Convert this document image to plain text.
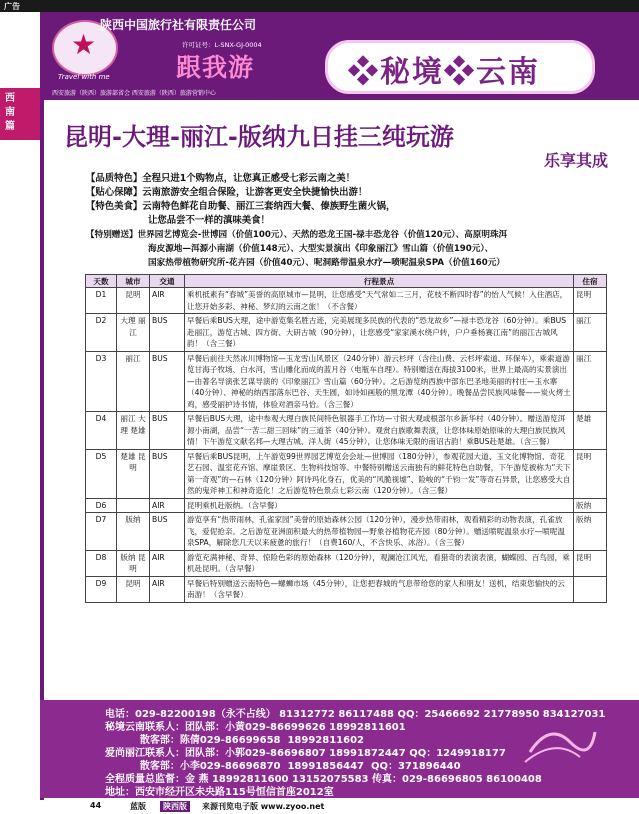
广告
★
陕西中国旅行社有限责任公司
许可证号：L-SNX-GJ-0004
跟我游
Travel with me
西安旅游（陕西）旅游部省会 西安旅游（陕西）旅游营销中心
❖秘境❖云南
西南篇 昆明-大理-丽江-版纳九日挂三纯玩游
乐享其成
【品质特色】全程只进1个购物点，让您真正感受七彩云南之美！
【贴心保障】云南旅游安全组合保险，让游客更安全快捷愉快出游！
【特色美食】云南特色鲜花自助餐、丽江三套纳西大餐、傣族野生菌火锅，
让您品尝不一样的滇味美食！
【特别赠送】世界园艺博览会-世博园（价值100元）、天然的恐龙王国-禄丰恐龙谷（价值120元）、高原明珠洱
海皮源地—洱源小南湖（价值148元）、大型实景演出《印象丽江》雪山篇（价值190元）、
国家热带植物研究所-花卉园（价值40元）、呢洞路带温泉水疗—喷呢温泉SPA（价值160元）
天数	城市	交通	行程景点	住宿
D1	昆明	AIR	乘机抵素有“春城”美誉的高原城市—昆明，让您感受“天气常如二三月，花枝不断四时春”的怡人气候！入住酒店，让您开始多彩、神秘、梦幻的云南之旅！（不含餐）	昆明
D2	大理 丽江	BUS	早餐后乘BUS大理，途中游览集名胜古迹，完美展现多民族的代表的“恐龙故乡”—禄丰恐龙谷（60分钟）。乘BUS赴丽江，游览古城、四方街、大研古城（90分钟），让您感受“家家溪水绕户转，户户垂杨赛江南”的丽江古城风韵！（含三餐）	丽江
D3	丽江	BUS	早餐后前往天然冰川博物馆—玉龙雪山风景区（240分钟）游云杉坪（含往山费、云杉坪索道、环保车），乘索道游览甘海子牧场、白水河，雪山雕化而成的蓝月谷（电瓶车自理）。特别赠送在海拔3100米，世界上最高的实景演出—由著名导演张艺谋导演的《印象丽江》雪山篇（60分钟）。之后游览纳西族中部东巴圣地美丽的村庄—玉水寨（40分钟）、神秘的纳西部落东巴谷、天生圆，如诗如画般的黑龙潭（40分钟）。晚餐品尝民族风味餐——炭火烤土鸡，感受丽护诗书情，体验对酒亲马恰。（含三餐）	丽江
D4	丽江 大理 楚雄	BUS	早餐后BUS大理，途中参观大理白族民间特色银器手工作坊—寸银大观或根部尔乡新华村（40分钟）。赠送游览洱源小南湖，品尝“一苦二甜三回味”的三道茶（40分钟）。观赏白族歌舞表演，让您体味原始原味的大理白族民族风情！下午游览文献名邦—大理古城、洋人街（45分钟），让您体味无限的南诏古韵！乘BUS赴楚雄。（含三餐）	楚雄
D5	楚雄 昆明	BUS	早餐后乘BUS昆明，上午游览99世界园艺博览会会址—世博园（180分钟），参观花园大道、玉文化博物馆、奇花艺石园、温室花卉馆、摩崖景区、生物科技馆等。中餐特别赠送云南独有的鲜花特色自助餐，下午游览被称为“天下第一奇观”的—石林（120分钟）阿诗玛化身石，优美的“风脆视墟”、险峻的“千钧一发”等奇石异景，让您感受大自然的鬼斧神工和神奇造化！之后游览特色景点七彩云南（120分钟）。（含三餐）	昆明
D6		AIR	昆明乘机赴版纳。（含早餐）	版纳
D7	版纳	BUS	游览享有“热带雨林，孔雀家园”美誉的原始森林公园（120分钟），漫步热带雨林，观看精彩的动物表演，孔雀放飞，爱伲抢亲。之后游览亚洲面积最大的热带植物园—野象谷植物花卉园（80分钟）。赠送喷呢温泉水疗—喷呢温泉SPA，解除您几天以来疲惫的旅行！（自费160/人，不含快乐、冰浴）。（含三餐）	版纳
D8	版纳 昆明	AIR	游览充满神秘、奇异、惊险色彩的原始森林（120分钟），观澜沧江风光，看猎奇的表演表演，蝴蝶园、百鸟园，乘机赴昆明。（含早餐）	昆明
D9	昆明	AIR	早餐后特别赠送云南特色—螺蛳市场（45分钟），让您把春城的气息带给您的家人和朋友！送机，结束您愉快的云南游！（含早餐）	
电话：029-82200198（永不占线） 81312772 86117488 QQ：25466692 21778950 834127031
秘境云南联系人：团队部：小黄029-86699626 18992811601
散客部：陈倩029-86699658  18992811602
爱尚丽江联系人：团队部：小郭029-86696807 18991872447 QQ：1249918177
散客部：小李029-86696870  18991856447  QQ：371896440
全程质量总监督：金 燕 18992811600 13152075583 传真：029-86696805 86100408
地址：西安市经开区未央路115号恒信首座2012室
44	蓝版	陕西版	来源刊览电子版 www.zyoo.net
